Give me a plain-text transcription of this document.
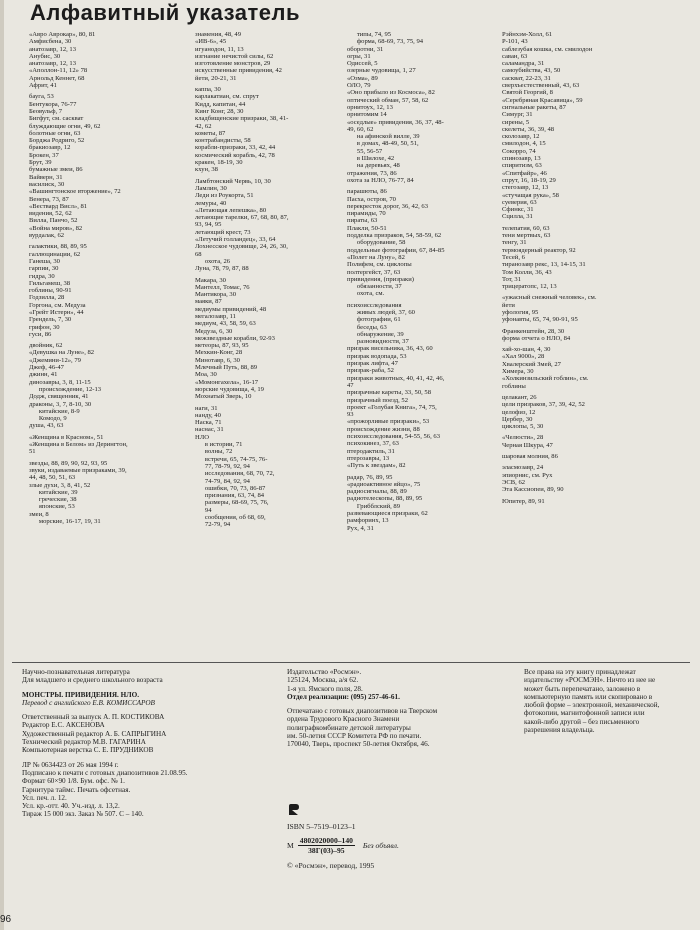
Алфавитный указатель
«Авро Аврокар», 80, 81
Амфисбена, 30
анатозавр, 12, 13
Анубис, 30
анатозавр, 12, 13
«Аполлон-11, 12» 78
Арнольд Кеннет, 68
Африт, 41
бауга, 53
Бентукора, 76-77
Беовульф, 7
Бигфут, см. саскват
блуждающие огни, 49, 62
болотные огни, 63
Борджа Родриго, 52
бракиозавр, 12
Брокен, 37
Брут, 39
бумажные змеи, 86
Вайверн, 31
василиск, 30
«Вашингтонское вторжение», 72
Венера, 73, 87
«Вествард Висл», 81
видения, 52, 62
Вилла, Панчо, 52
«Война миров», 82
вурдалак, 62
галактики, 88, 89, 95
галлюцинации, 62
Ганеша, 30
гарпии, 30
гидра, 30
Гильгамеш, 38
гоблины, 90-91
Годзилла, 28
Горгона, см. Медуза
«Грейт Истерн», 44
Грендель, 7, 30
грифон, 30
гуси, 86
двойник, 62
«Девушка на Луне», 82
«Джемини-12», 79
Джеф, 46-47
джинн, 41
динозавры, 3, 8, 11-15
происхождение, 12-13
Додж, священник, 41
драконы, 3, 7, 8-10, 30
китайские, 8-9
Комодо, 9
душа, 43, 63
«Женщина в Красном», 51
«Женщина в Белом» из Дерингтон,
51
звезды, 88, 89, 90, 92, 93, 95
звуки, издаваемые призраками, 39,
44, 48, 50, 51, 63
злые духи, 3, 8, 41, 52
китайские, 39
греческие, 38
японские, 53
змеи, 8
морские, 16-17, 19, 31
знамения, 48, 49
«ИВ-6», 45
игуанодон, 11, 13
изгнание нечистой силы, 62
изготовление монстров, 29
искусственные привидения, 42
йети, 20-21, 31
каппа, 30
карлакатиан, см. спрут
Кидд, капитан, 44
Кинг Конг, 28, 30
кладбищенские призраки, 38, 41-
42, 62
кометы, 87
контрабандисты, 58
корабли-призраки, 33, 42, 44
космический корабль, 42, 78
кракен, 18-19, 30
кхун, 38
Ламбтонский Червь, 10, 30
Ламлин, 30
Леди из Роукорта, 51
лемуры, 40
«Летающая лепешка», 80
летающие тарелки, 67, 68, 80, 87,
93, 94, 95
летающий крест, 73
«Летучий голландец», 33, 64
Лохнесское чудовище, 24, 26, 30,
68
охота, 26
Луна, 78, 79, 87, 88
Макара, 30
Мантелл, Томас, 76
Мантикора, 30
маяки, 87
медиумы привидений, 48
мегалозавр, 11
медиум, 43, 58, 59, 63
Медуза, 6, 30
межзвездные корабли, 92-93
метеоры, 87, 93, 95
Мехкин-Конг, 28
Минотавр, 6, 30
Млечный Путь, 88, 89
Моа, 30
«Момонгахела», 16-17
морские чудовища, 4, 19
Мохнатый Зверь, 10
наги, 31
нанду, 40
Наска, 71
наснас, 31
НЛО
в истории, 71
волны, 72
встречи, 65, 74-75, 76-
77, 78-79, 92, 94
исследования, 68, 70, 72,
74-79, 84, 92, 94
ошибки, 70, 73, 86-87
признания, 63, 74, 84
размеры, 68-69, 75, 76,
94
сообщения, об 68, 69,
72-79, 94
типы, 74, 95
форма, 68-69, 73, 75, 94
оборотни, 31
огры, 31
Одиссей, 5
озерные чудовища, 1, 27
«Озма», 89
ОЛО, 79
«Оно прибыло из Космоса», 82
оптический обман, 57, 58, 62
орнитоух, 12, 13
орнитомим 14
«оседлые» привидения, 36, 37, 48-
49, 60, 62
на афинской вилле, 39
в домах, 48-49, 50, 51,
55, 56-57
в Шилохе, 42
на деревьях, 48
отражения, 73, 86
охота за НЛО, 76-77, 84
парашюты, 86
Пасха, остров, 70
перекресток дорог, 36, 42, 63
пирамиды, 70
пираты, 63
Плакли, 50-51
подделка призраков, 54, 58-59, 62
оборудование, 58
поддельные фотографии, 67, 84-85
«Полет на Луну», 82
Полифем, см. циклопы
полтергейст, 37, 63
привидения, (призраки)
обязанности, 37
охота, см.
психоисследования
живых людей, 37, 60
фотографии, 61
беседы, 63
обнаружение, 39
разновидности, 37
призрак висельника, 36, 43, 60
призрак водопада, 53
призрак лифта, 47
призрак-раба, 52
призраки животных, 40, 41, 42, 46,
47
призрачные кареты, 33, 50, 58
призрачный поезд, 52
проект «Голубая Книга», 74, 75,
93
«прожорливые призраки», 53
происхождение жизни, 88
психоисследования, 54-55, 56, 63
психокинез, 37, 63
птеродактиль, 31
птерозавры, 13
«Путь к звездам», 82
радар, 76, 89, 95
«радиоактивное яйцо», 75
радиосигналы, 88, 89
радиотелескопы, 88, 89, 95
Грибблский, 89
развевающиеся призраки, 62
рамфоринх, 13
Рух, 4, 31
Рэйнхэм-Холл, 61
Р-101, 43
саблезубая кошка, см. смилодон
саван, 63
саламандра, 31
самоубийства, 43, 50
саскват, 22-23, 31
сверхъестественный, 43, 63
Святой Георгий, 8
«Серебряная Красавица», 59
сигнальные ракеты, 87
Симург, 31
сирены, 5
скелеты, 36, 39, 48
сколозавр, 12
смилодон, 4, 15
Сокорро, 74
спинозавр, 13
спиритизм, 63
«Спитфайр», 46
спрут, 16, 18-19, 29
стегозавр, 12, 13
«стучащая рука», 58
суеверия, 63
Сфинкс, 31
Сцилла, 31
телепатия, 60, 63
тени мертвых, 63
тенгу, 31
термоядерный реактор, 92
Тесей, 6
тиранозавр рекс, 13, 14-15, 31
Том Колли, 36, 43
Тот, 31
трицератопс, 12, 13
«ужасный снежный человек», см.
йети
уфология, 95
уфонавты, 65, 74, 90-91, 95
Франкенштейн, 28, 30
форма отчета о НЛО, 84
хай-хо-шан, 4, 30
«Хал 9000», 28
Хвалерский Змей, 27
Химера, 30
«Холкинзильский гоблин», см.
гоблины
целакант, 26
цели призраков, 37, 39, 42, 52
целофиз, 12
Цербер, 30
циклопы, 5, 30
«Челюсти», 28
Черная Шкура, 47
шаровая молния, 86
эласмозавр, 24
эпиорнис, см. Рух
ЭСВ, 62
Эта Кассиопеи, 89, 90
Юпитер, 89, 91
Научно-познавательная литература
Для младшего и среднего школьного возраста
МОНСТРЫ. ПРИВИДЕНИЯ. НЛО.
Перевод с английского Е.В. КОМИССАРОВ
Ответственный за выпуск А. П. КОСТИКОВА
Редактор Е.С. АКСЕНОВА
Художественный редактор А. Б. САПРЫГИНА
Технический редактор М.В. ГАГАРИНА
Компьютерная верстка С. Е. ПРУДНИКОВ
ЛР № 0634423 от 26 мая 1994 г.
Подписано к печати с готовых диапозитивов 21.08.95.
Формат 60×90 1/8. Бум. офс. № 1.
Гарнитура таймс. Печать офсетная.
Усл. печ. л. 12.
Усл. кр.-отт. 40. Уч.-изд. л. 13,2.
Тираж 15 000 экз. Заказ № 507. С – 140.
Издательство «Росмэн».
125124, Москва, а/я 62.
1-я ул. Ямского поля, 28.
Отдел реализации: (095) 257-46-61.
Отпечатано с готовых диапозитивов на Тверском
ордена Трудового Красного Знамени
полиграфкомбинате детской литературы
им. 50-летия СССР Комитета РФ по печати.
170040, Тверь, проспект 50-летия Октября, 46.
Все права на эту книгу принадлежат
издательству «РОСМЭН». Ничто из нее не
может быть перепечатано, заложено в
компьютерную память или скопировано в
любой форме – электронной, механической,
фотокопии, магнитофонной записи или
какой-либо другой – без письменного
разрешения владельца.
ISBN 5–7519–0123–1
М 4802020000–140
38Г(03)–95
Без объявл.
© «Росмэн», перевод, 1995
96
